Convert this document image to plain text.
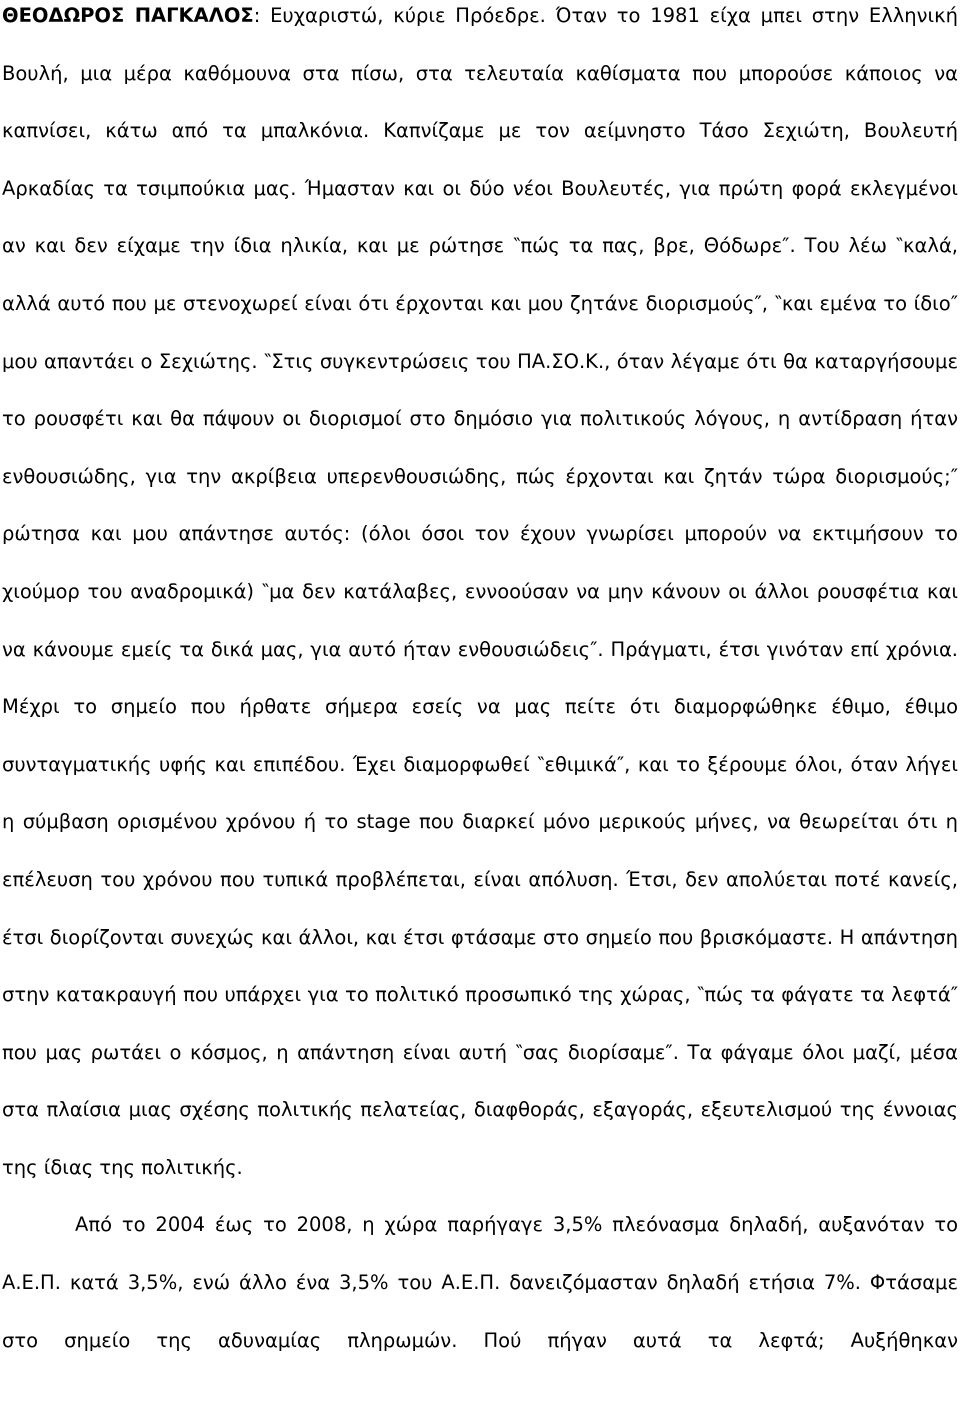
ΘΕΟΔΩΡΟΣ ΠΑΓΚΑΛΟΣ: Ευχαριστώ, κύριε Πρόεδρε. Όταν το 1981 είχα μπει στην Ελληνική Βουλή, μια μέρα καθόμουνα στα πίσω, στα τελευταία καθίσματα που μπορούσε κάποιος να καπνίσει, κάτω από τα μπαλκόνια. Καπνίζαμε με τον αείμνηστο Τάσο Σεχιώτη, Βουλευτή Αρκαδίας τα τσιμπούκια μας. Ήμασταν και οι δύο νέοι Βουλευτές, για πρώτη φορά εκλεγμένοι αν και δεν είχαμε την ίδια ηλικία, και με ρώτησε ‶πώς τα πας, βρε, Θόδωρε″. Του λέω ‶καλά, αλλά αυτό που με στενοχωρεί είναι ότι έρχονται και μου ζητάνε διορισμούς″, ‶και εμένα το ίδιο″ μου απαντάει ο Σεχιώτης. ‶Στις συγκεντρώσεις του ΠΑ.ΣΟ.Κ., όταν λέγαμε ότι θα καταργήσουμε το ρουσφέτι και θα πάψουν οι διορισμοί στο δημόσιο για πολιτικούς λόγους, η αντίδραση ήταν ενθουσιώδης, για την ακρίβεια υπερενθουσιώδης, πώς έρχονται και ζητάν τώρα διορισμούς;″ ρώτησα και μου απάντησε αυτός: (όλοι όσοι τον έχουν γνωρίσει μπορούν να εκτιμήσουν το χιούμορ του αναδρομικά) ‶μα δεν κατάλαβες, εννοούσαν να μην κάνουν οι άλλοι ρουσφέτια και να κάνουμε εμείς τα δικά μας, για αυτό ήταν ενθουσιώδεις″. Πράγματι, έτσι γινόταν επί χρόνια. Μέχρι το σημείο που ήρθατε σήμερα εσείς να μας πείτε ότι διαμορφώθηκε έθιμο, έθιμο συνταγματικής υφής και επιπέδου. Έχει διαμορφωθεί ‶εθιμικά″, και το ξέρουμε όλοι, όταν λήγει η σύμβαση ορισμένου χρόνου ή το stage που διαρκεί μόνο μερικούς μήνες, να θεωρείται ότι η επέλευση του χρόνου που τυπικά προβλέπεται, είναι απόλυση. Έτσι, δεν απολύεται ποτέ κανείς, έτσι διορίζονται συνεχώς και άλλοι, και έτσι φτάσαμε στο σημείο που βρισκόμαστε. Η απάντηση στην κατακραυγή που υπάρχει για το πολιτικό προσωπικό της χώρας, ‶πώς τα φάγατε τα λεφτά″ που μας ρωτάει ο κόσμος, η απάντηση είναι αυτή ‶σας διορίσαμε″. Τα φάγαμε όλοι μαζί, μέσα στα πλαίσια μιας σχέσης πολιτικής πελατείας, διαφθοράς, εξαγοράς, εξευτελισμού της έννοιας της ίδιας της πολιτικής.

Από το 2004 έως το 2008, η χώρα παρήγαγε 3,5% πλεόνασμα δηλαδή, αυξανόταν το Α.Ε.Π. κατά 3,5%, ενώ άλλο ένα 3,5% του Α.Ε.Π. δανειζόμασταν δηλαδή ετήσια 7%. Φτάσαμε στο σημείο της αδυναμίας πληρωμών. Πού πήγαν αυτά τα λεφτά; Αυξήθηκαν
